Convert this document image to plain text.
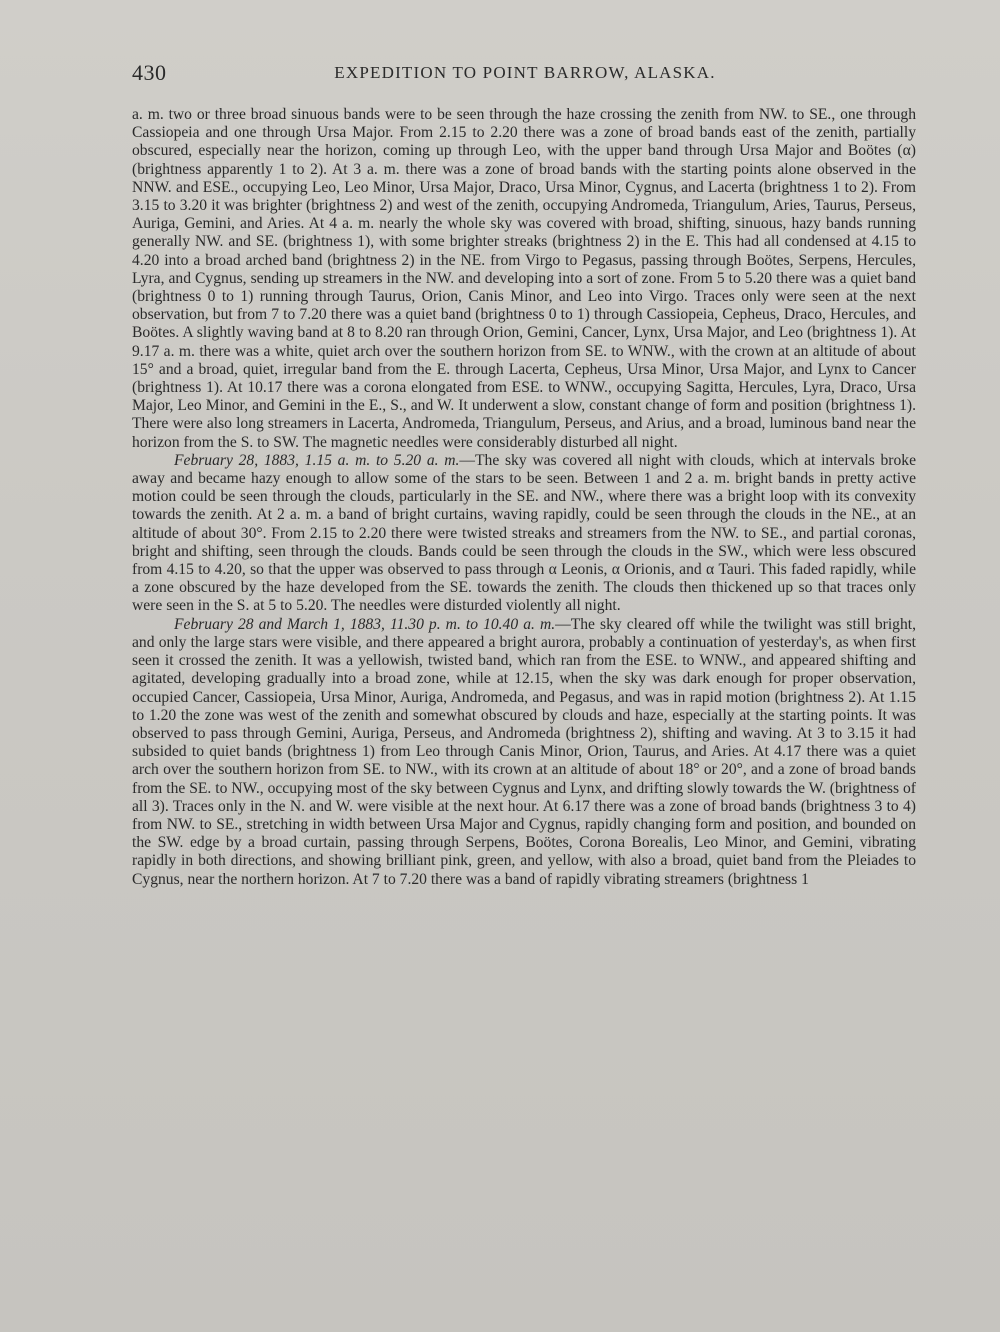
430	EXPEDITION TO POINT BARROW, ALASKA.

a. m. two or three broad sinuous bands were to be seen through the haze crossing the zenith from NW. to SE., one through Cassiopeia and one through Ursa Major. From 2.15 to 2.20 there was a zone of broad bands east of the zenith, partially obscured, especially near the horizon, coming up through Leo, with the upper band through Ursa Major and Boötes (α) (brightness apparently 1 to 2). At 3 a. m. there was a zone of broad bands with the starting points alone observed in the NNW. and ESE., occupying Leo, Leo Minor, Ursa Major, Draco, Ursa Minor, Cygnus, and Lacerta (brightness 1 to 2). From 3.15 to 3.20 it was brighter (brightness 2) and west of the zenith, occupying Andromeda, Triangulum, Aries, Taurus, Perseus, Auriga, Gemini, and Aries. At 4 a. m. nearly the whole sky was covered with broad, shifting, sinuous, hazy bands running generally NW. and SE. (brightness 1), with some brighter streaks (brightness 2) in the E. This had all condensed at 4.15 to 4.20 into a broad arched band (brightness 2) in the NE. from Virgo to Pegasus, passing through Boötes, Serpens, Hercules, Lyra, and Cygnus, sending up streamers in the NW. and developing into a sort of zone. From 5 to 5.20 there was a quiet band (brightness 0 to 1) running through Taurus, Orion, Canis Minor, and Leo into Virgo. Traces only were seen at the next observation, but from 7 to 7.20 there was a quiet band (brightness 0 to 1) through Cassiopeia, Cepheus, Draco, Hercules, and Boötes. A slightly waving band at 8 to 8.20 ran through Orion, Gemini, Cancer, Lynx, Ursa Major, and Leo (brightness 1). At 9.17 a. m. there was a white, quiet arch over the southern horizon from SE. to WNW., with the crown at an altitude of about 15° and a broad, quiet, irregular band from the E. through Lacerta, Cepheus, Ursa Minor, Ursa Major, and Lynx to Cancer (brightness 1). At 10.17 there was a corona elongated from ESE. to WNW., occupying Sagitta, Hercules, Lyra, Draco, Ursa Major, Leo Minor, and Gemini in the E., S., and W. It underwent a slow, constant change of form and position (brightness 1). There were also long streamers in Lacerta, Andromeda, Triangulum, Perseus, and Arius, and a broad, luminous band near the horizon from the S. to SW. The magnetic needles were considerably disturbed all night.

February 28, 1883, 1.15 a. m. to 5.20 a. m.—The sky was covered all night with clouds, which at intervals broke away and became hazy enough to allow some of the stars to be seen. Between 1 and 2 a. m. bright bands in pretty active motion could be seen through the clouds, particularly in the SE. and NW., where there was a bright loop with its convexity towards the zenith. At 2 a. m. a band of bright curtains, waving rapidly, could be seen through the clouds in the NE., at an altitude of about 30°. From 2.15 to 2.20 there were twisted streaks and streamers from the NW. to SE., and partial coronas, bright and shifting, seen through the clouds. Bands could be seen through the clouds in the SW., which were less obscured from 4.15 to 4.20, so that the upper was observed to pass through α Leonis, α Orionis, and α Tauri. This faded rapidly, while a zone obscured by the haze developed from the SE. towards the zenith. The clouds then thickened up so that traces only were seen in the S. at 5 to 5.20. The needles were disturded violently all night.

February 28 and March 1, 1883, 11.30 p. m. to 10.40 a. m.—The sky cleared off while the twilight was still bright, and only the large stars were visible, and there appeared a bright aurora, probably a continuation of yesterday's, as when first seen it crossed the zenith. It was a yellowish, twisted band, which ran from the ESE. to WNW., and appeared shifting and agitated, developing gradually into a broad zone, while at 12.15, when the sky was dark enough for proper observation, occupied Cancer, Cassiopeia, Ursa Minor, Auriga, Andromeda, and Pegasus, and was in rapid motion (brightness 2). At 1.15 to 1.20 the zone was west of the zenith and somewhat obscured by clouds and haze, especially at the starting points. It was observed to pass through Gemini, Auriga, Perseus, and Andromeda (brightness 2), shifting and waving. At 3 to 3.15 it had subsided to quiet bands (brightness 1) from Leo through Canis Minor, Orion, Taurus, and Aries. At 4.17 there was a quiet arch over the southern horizon from SE. to NW., with its crown at an altitude of about 18° or 20°, and a zone of broad bands from the SE. to NW., occupying most of the sky between Cygnus and Lynx, and drifting slowly towards the W. (brightness of all 3). Traces only in the N. and W. were visible at the next hour. At 6.17 there was a zone of broad bands (brightness 3 to 4) from NW. to SE., stretching in width between Ursa Major and Cygnus, rapidly changing form and position, and bounded on the SW. edge by a broad curtain, passing through Serpens, Boötes, Corona Borealis, Leo Minor, and Gemini, vibrating rapidly in both directions, and showing brilliant pink, green, and yellow, with also a broad, quiet band from the Pleiades to Cygnus, near the northern horizon. At 7 to 7.20 there was a band of rapidly vibrating streamers (brightness 1
